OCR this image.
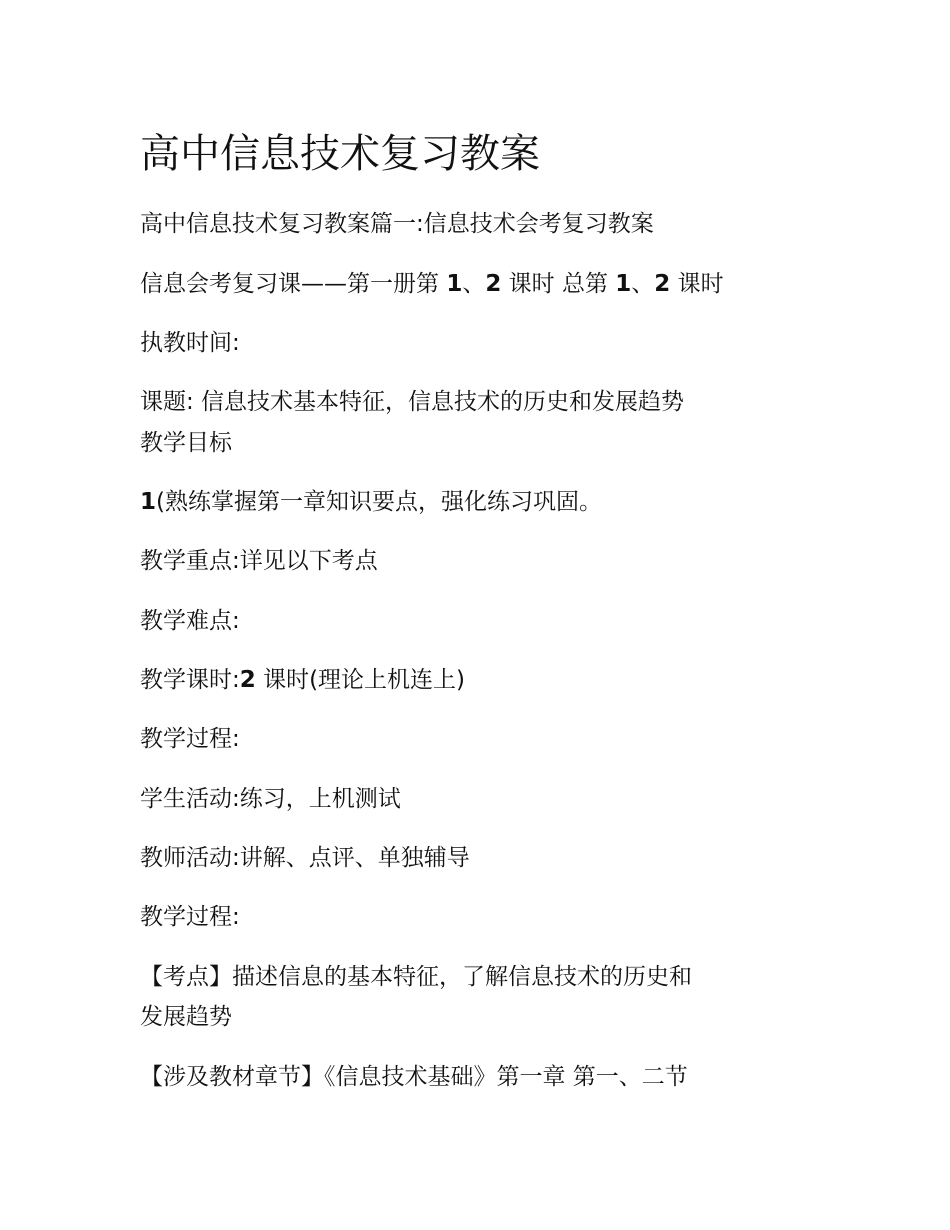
高中信息技术复习教案

高中信息技术复习教案篇一:信息技术会考复习教案

信息会考复习课——第一册第 1、2 课时 总第 1、2 课时

执教时间:

课题: 信息技术基本特征，信息技术的历史和发展趋势

教学目标

1(熟练掌握第一章知识要点，强化练习巩固。

教学重点:详见以下考点

教学难点:

教学课时:2 课时(理论上机连上)

教学过程:

学生活动:练习，上机测试

教师活动:讲解、点评、单独辅导

教学过程:

【考点】描述信息的基本特征，了解信息技术的历史和

发展趋势

【涉及教材章节】《信息技术基础》第一章 第一、二节
